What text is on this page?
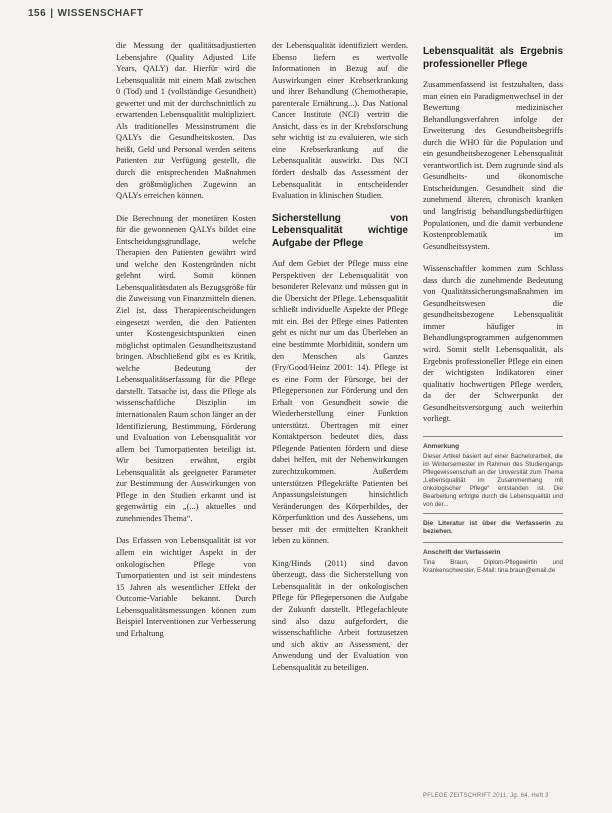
156 | WISSENSCHAFT

die Messung der qualitätsadjustierten Lebensjahre (Quality Adjusted Life Years, QALY) dar. Hierfür wird die Lebensqualität mit einem Maß zwischen 0 (Tod) und 1 (vollständige Gesundheit) gewertet und mit der durchschnittlich zu erwartenden Lebensqualität multipliziert. Als traditionelles Messinstrument die QALYs die Gesundheitskosten. Das heißt, Geld und Personal werden seitens Patienten zur Verfügung gestellt, die durch die entsprechenden Maßnahmen den größtmöglichen Zugewinn an QALYs erreichen können.

Die Berechnung der monetären Kosten für die gewonnenen QALYs bildet eine Entscheidungsgrundlage, welche Therapien den Patienten gewährt wird und welche den Kostengründen nicht gelehnt wird. Somit können Lebensqualitätsdaten als Bezugsgröße für die Zuweisung von Finanzmitteln dienen. Ziel ist, dass Therapieentscheidungen eingesetzt werden, die den Patienten unter Kostengesichtspunkten einen möglichst optimalen Gesundheitszustand bringen. Abschließend gibt es es Kritik, welche Bedeutung der Lebensqualitätserfassung für die Pflege darstellt. Tatsache ist, dass die Pflege als wissenschaftliche Disziplin im internationalen Raum schon länger an der Identifizierung, Bestimmung, Förderung und Evaluation von Lebensqualität vor allem bei Tumorpatienten beteiligt ist. Wir besitzen erwähnt, ergibt Lebensqualität als geeigneter Parameter zur Bestimmung der Auswirkungen von Pflege in den Studien erkannt und ist gegenwärtig ein „(...) aktuelles und zunehmendes Thema“.

Das Erfassen von Lebensqualität ist vor allem ein wichtiger Aspekt in der onkologischen Pflege von Tumorpatienten und ist seit mindestens 15 Jahren als wesentlicher Effekt der Outcome-Variable bekannt. Durch Lebensqualitätsmessungen können zum Beispiel Interventionen zur Verbesserung und Erhaltung

der Lebensqualität identifiziert werden. Ebenso liefern es wertvolle Informationen in Bezug auf die Auswirkungen einer Krebserkrankung und ihrer Behandlung (Chemotherapie, parenterale Ernährung...). Das National Cancer Institute (NCI) vertritt die Ansicht, dass es in der Krebsforschung sehr wichtig ist zu evaluieren, wie sich eine Krebserkrankung auf die Lebensqualität auswirkt. Das NCI fördert deshalb das Assessment der Lebensqualität in entscheidender Evaluation in klinischen Studien.

Sicherstellung von Lebensqualität wichtige Aufgabe der Pflege

Auf dem Gebiet der Pflege muss eine Perspektiven der Lebensqualität von besonderer Relevanz und müssen gut in die Übersicht der Pflege. Lebensqualität schließt individuelle Aspekte der Pflege mit ein. Bei der Pflege eines Patienten geht es nicht nur um das Überleben an eine bestimmte Morbidität, sondern um den Menschen als Ganzes (Fry/Good/Heinz 2001: 14). Pflege ist es eine Form der Fürsorge, bei der Pflegepersonen zur Förderung und den Erhalt von Gesundheit sowie die Wiederherstellung einer Funktion unterstützt. Übertragen mit einer Kontaktperson bedeutet dies, dass Pflegende Patienten fördern und diese dabei helfen, mit der Nebenwirkungen zurechtzukommen. Außerdem unterstützen Pflegekräfte Patienten bei Anpassungsleistungen hinsichtlich Veränderungen des Körperbildes, der Körperfunktion und des Aussehens, um besser mit der ermittelten Krankheit leben zu können.

King/Hinds (2011) sind davon überzeugt, dass die Sicherstellung von Lebensqualität in der onkologischen Pflege für Pflegepersonen die Aufgabe der Zukunft darstellt. Pflegefachleute sind also dazu aufgefordert, die wissenschaftliche Arbeit fortzusetzen und sich aktiv an Assessment, der Anwendung und der Evaluation von Lebensqualität zu beteiligen.

Lebensqualität als Ergebnis professioneller Pflege

Zusammenfassend ist festzuhalten, dass man einen ein Paradigmenwechsel in der Bewertung medizinischer Behandlungsverfahren infolge der Erweiterung des Gesundheitsbegriffs durch die WHO für die Population und ein gesundheitsbezogener Lebensqualität verantwortlich ist. Dem zugrunde sind als Gesundheits- und ökonomische Entscheidungen. Gesundheit sind die zunehmend älteren, chronisch kranken und langfristig behandlungsbedürftigen Populationen, und die damit verbundene Kostenproblematik im Gesundheitssystem.

Wissenschaftler kommen zum Schluss dass durch die zunehmende Bedeutung von Qualitätssicherungsmaßnahmen im Gesundheitswesen die gesundheitsbezogene Lebensqualität immer häufiger in Behandlungsprogrammen aufgenommen wird. Somit stellt Lebensqualität, als Ergebnis professioneller Pflege ein einen der wichtigsten Indikatoren einer qualitativ hochwertigen Pflege werden, da der der Schwerpunkt der Gesundheitsversorgung auch weiterhin vorliegt.

Anmerkung

Dieser Artikel basiert auf einer Bachelorarbeit, die im Wintersemester im Rahmen des Studiengangs Pflegewissenschaft an der Universität zum Thema „Lebensqualität im Zusammenhang mit onkologischer Pflege“ entstanden ist. Die Bearbeitung erfolgte durch die Lebensqualität und von der...

Die Literatur ist über die Verfasserin zu beziehen.
Anschrift der Verfasserin

Tina Braun, Diplom-Pflegewirtin und Krankenschwester, E-Mail: tina.braun@email.de

PFLEGE ZEITSCHRIFT 2011, Jg. 64, Heft 3
